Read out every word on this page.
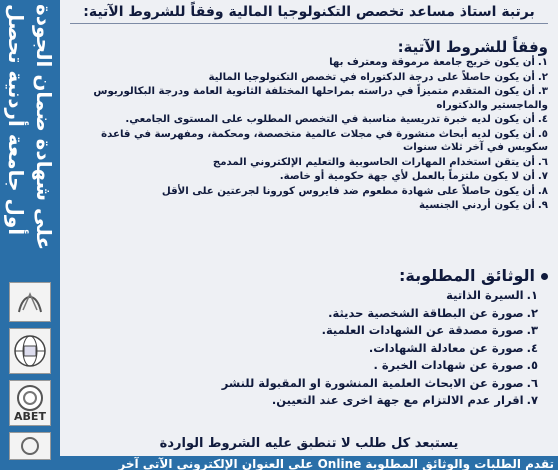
أول جامعة أردنية تحصل على شهادة ضمان الجودة
ABET
برتبة استاذ مساعد تخصص التكنولوجيا المالية وفقاً للشروط الآتية:

وفقاً للشروط الآتية:

١.أن يكون خريج جامعة مرموقة ومعترف بها
٢.أن يكون حاصلاً على درجة الدكتوراه في تخصص التكنولوجيا المالية
٣.أن يكون المتقدم متميزاً في دراسته بمراحلها المختلفة الثانوية العامة ودرجة البكالوريوس والماجستير والدكتوراه
٤.أن يكون لديه خبرة تدريسية مناسبة في التخصص المطلوب على المستوى الجامعي.
٥.أن يكون لديه أبحاث منشورة في مجلات عالمية متخصصة، ومحكمة، ومفهرسة في قاعدة سكوبس في آخر ثلاث سنوات
٦.أن يتقن استخدام المهارات الحاسوبية والتعليم الإلكتروني المدمج
٧.أن لا يكون ملتزماً بالعمل لأي جهة حكومية أو خاصة.
٨.أن يكون حاصلاً على شهادة مطعوم ضد فايروس كورونا لجرعتين على الأقل
٩.أن يكون أردني الجنسية

الوثائق المطلوبة:

١.السيرة الذاتية
٢.صورة عن البطاقة الشخصية حديثة.
٣.صورة مصدقة عن الشهادات العلمية.
٤.صورة عن معادلة الشهادات.
٥.صورة عن شهادات الخبرة .
٦.صورة عن الابحاث العلمية المنشورة او المقبولة للنشر
٧.اقرار عدم الالتزام مع جهة اخرى عند التعيين.
يستبعد كل طلب لا تنطبق عليه الشروط الواردة
تقدم الطلبات والوثائق المطلوبة Online على العنوان الإلكتروني الآتي آخر
